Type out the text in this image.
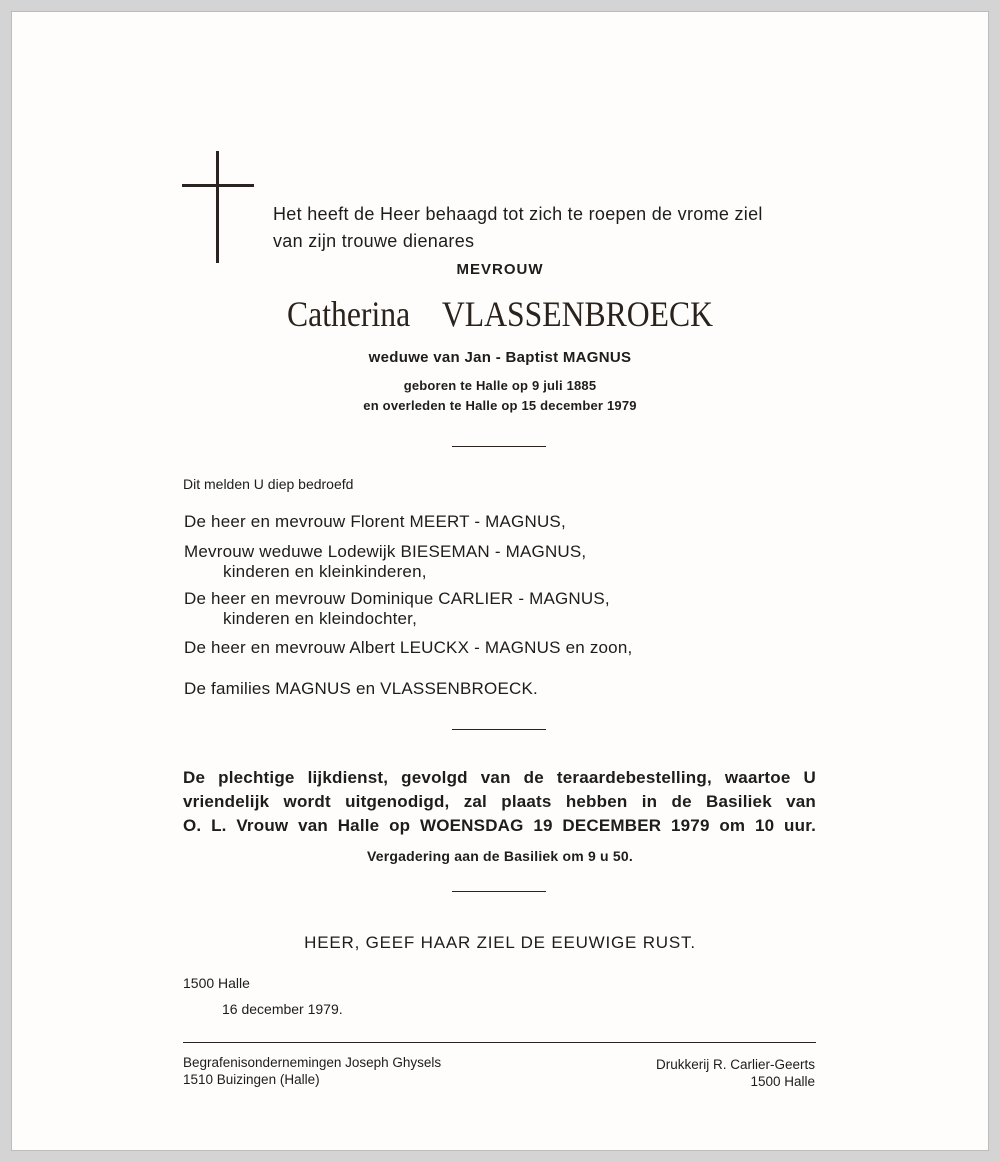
Het heeft de Heer behaagd tot zich te roepen de vrome ziel
van zijn trouwe dienares
MEVROUW
Catherina VLASSENBROECK
weduwe van Jan - Baptist MAGNUS
geboren te Halle op 9 juli 1885
en overleden te Halle op 15 december 1979
Dit melden U diep bedroefd
De heer en mevrouw Florent MEERT - MAGNUS,
Mevrouw weduwe Lodewijk BIESEMAN - MAGNUS,
kinderen en kleinkinderen,
De heer en mevrouw Dominique CARLIER - MAGNUS,
kinderen en kleindochter,
De heer en mevrouw Albert LEUCKX - MAGNUS en zoon,
De families MAGNUS en VLASSENBROECK.
De plechtige lijkdienst, gevolgd van de teraardebestelling, waartoe U
vriendelijk wordt uitgenodigd, zal plaats hebben in de Basiliek van
O. L. Vrouw van Halle op WOENSDAG 19 DECEMBER 1979 om 10 uur.
Vergadering aan de Basiliek om 9 u 50.
HEER, GEEF HAAR ZIEL DE EEUWIGE RUST.
1500 Halle
16 december 1979.
Begrafenisondernemingen Joseph Ghysels
1510 Buizingen (Halle)
Drukkerij R. Carlier-Geerts
1500 Halle
